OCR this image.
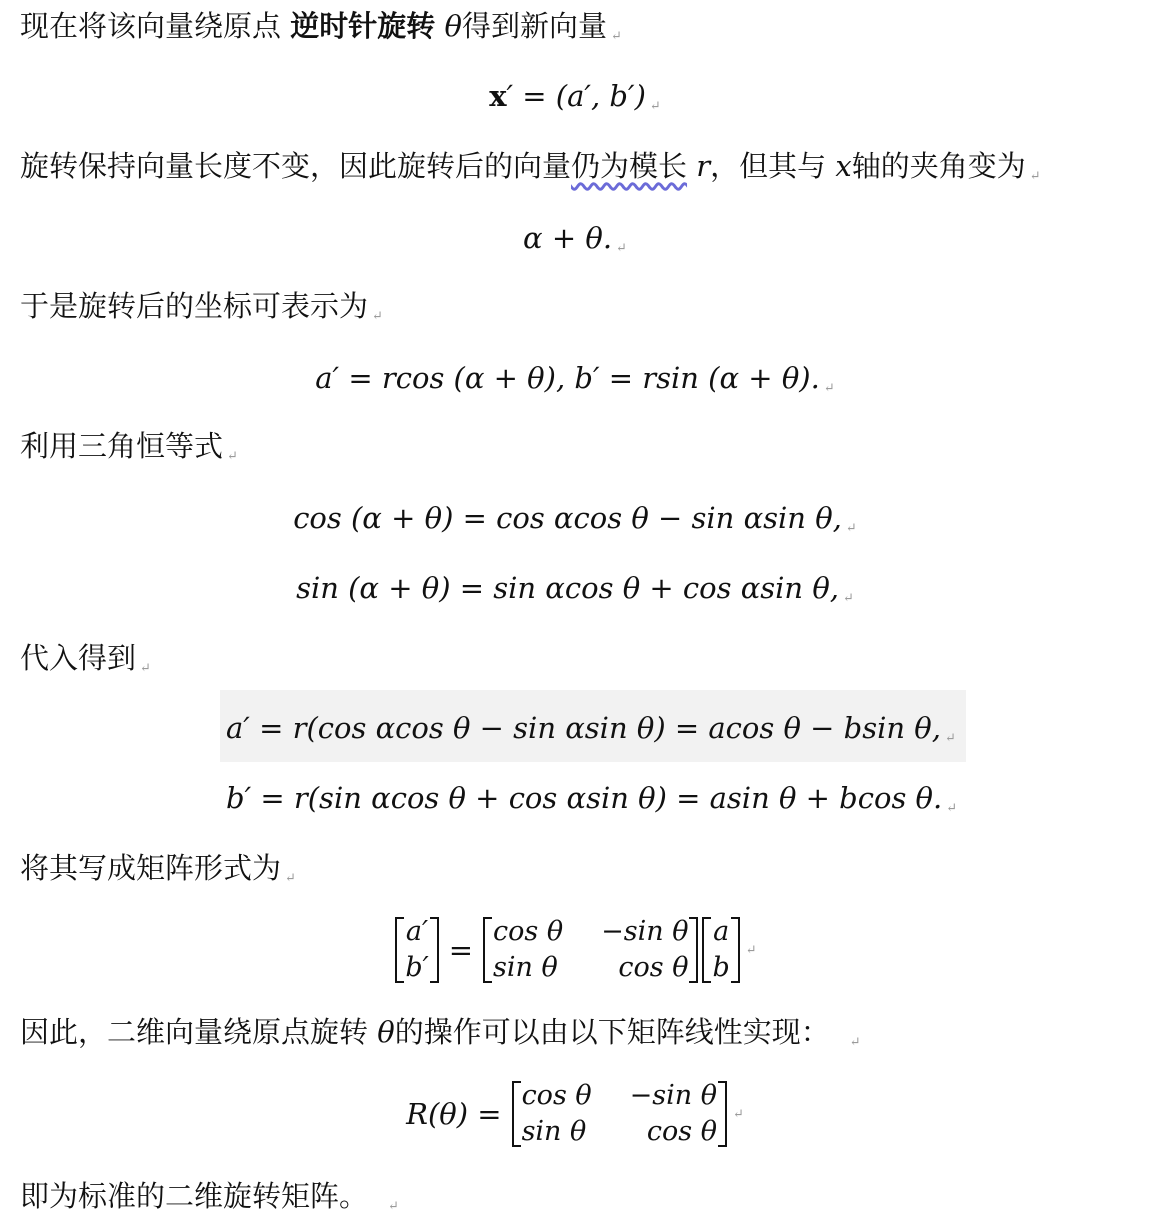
现在将该向量绕原点 逆时针旋转 θ得到新向量 ↵
x′ = (a′, b′) ↵
旋转保持向量长度不变，因此旋转后的向量仍为模长 r，但其与 x轴的夹角变为 ↵
α + θ. ↵
于是旋转后的坐标可表示为 ↵
a′ = rcos (α + θ), b′ = rsin (α + θ). ↵
利用三角恒等式 ↵
cos (α + θ) = cos αcos θ − sin αsin θ, ↵
sin (α + θ) = sin αcos θ + cos αsin θ, ↵
代入得到 ↵
a′ = r(cos αcos θ − sin αsin θ) = acos θ − bsin θ, ↵
b′ = r(sin αcos θ + cos αsin θ) = asin θ + bcos θ. ↵
将其写成矩阵形式为 ↵
a′
b′
=
cos θ −sin θ
sin θ	cos θ
a
b
↵
因此，二维向量绕原点旋转 θ的操作可以由以下矩阵线性实现： ↵
R(θ) =
cos θ −sin θ
sin θ	cos θ
↵
即为标准的二维旋转矩阵。 ↵
